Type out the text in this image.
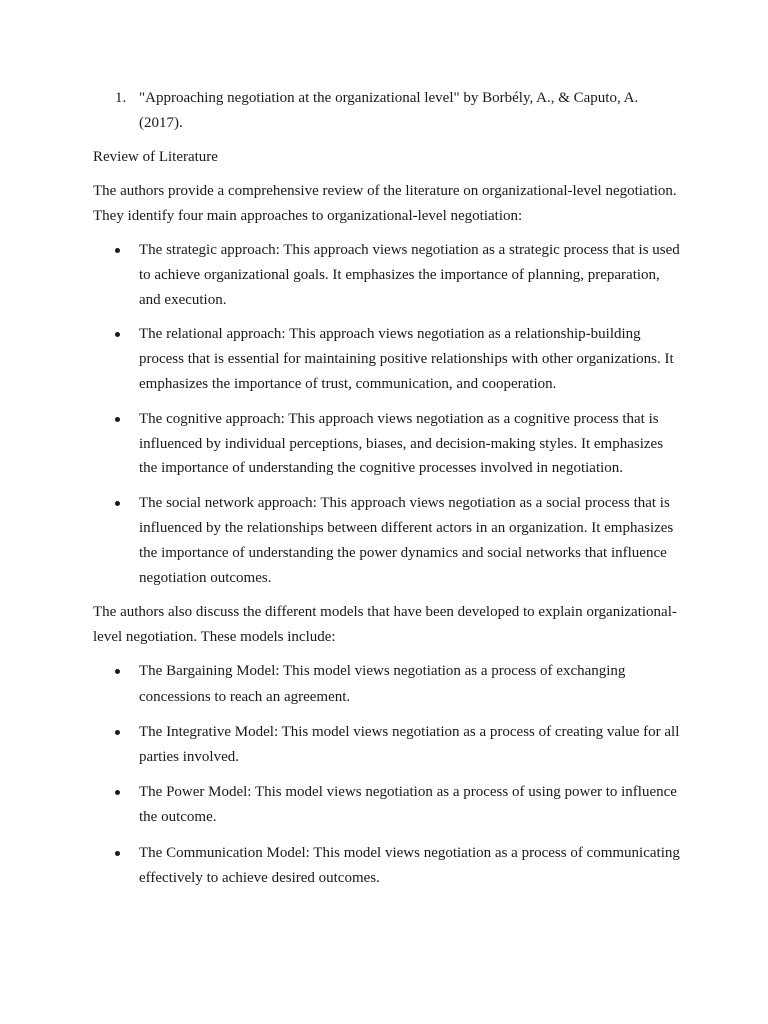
1. "Approaching negotiation at the organizational level" by Borbély, A., & Caputo, A. (2017).
Review of Literature

The authors provide a comprehensive review of the literature on organizational-level negotiation. They identify four main approaches to organizational-level negotiation:

The strategic approach: This approach views negotiation as a strategic process that is used to achieve organizational goals. It emphasizes the importance of planning, preparation, and execution.
The relational approach: This approach views negotiation as a relationship-building process that is essential for maintaining positive relationships with other organizations. It emphasizes the importance of trust, communication, and cooperation.
The cognitive approach: This approach views negotiation as a cognitive process that is influenced by individual perceptions, biases, and decision-making styles. It emphasizes the importance of understanding the cognitive processes involved in negotiation.
The social network approach: This approach views negotiation as a social process that is influenced by the relationships between different actors in an organization. It emphasizes the importance of understanding the power dynamics and social networks that influence negotiation outcomes.

The authors also discuss the different models that have been developed to explain organizational-level negotiation. These models include:

The Bargaining Model: This model views negotiation as a process of exchanging concessions to reach an agreement.
The Integrative Model: This model views negotiation as a process of creating value for all parties involved.
The Power Model: This model views negotiation as a process of using power to influence the outcome.
The Communication Model: This model views negotiation as a process of communicating effectively to achieve desired outcomes.
